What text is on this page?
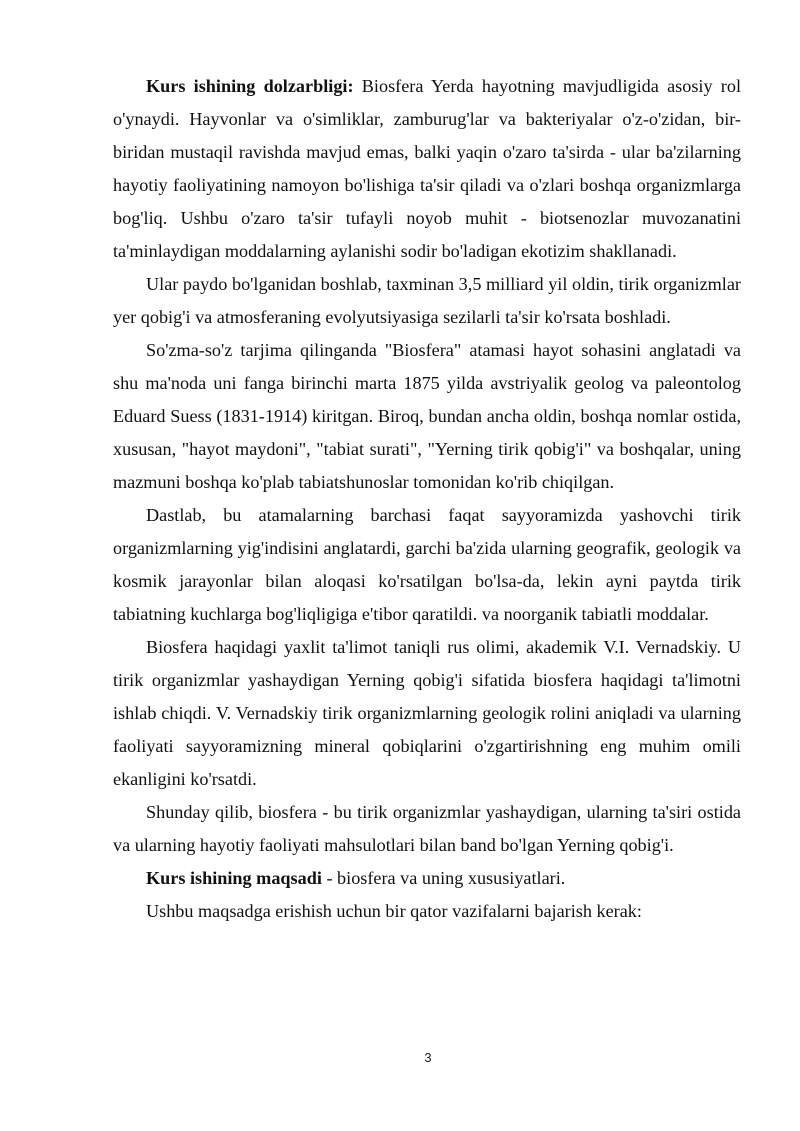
Kurs ishining dolzarbligi: Biosfera Yerda hayotning mavjudligida asosiy rol o'ynaydi. Hayvonlar va o'simliklar, zamburug'lar va bakteriyalar o'z-o'zidan, bir-biridan mustaqil ravishda mavjud emas, balki yaqin o'zaro ta'sirda - ular ba'zilarning hayotiy faoliyatining namoyon bo'lishiga ta'sir qiladi va o'zlari boshqa organizmlarga bog'liq. Ushbu o'zaro ta'sir tufayli noyob muhit - biotsenozlar muvozanatini ta'minlaydigan moddalarning aylanishi sodir bo'ladigan ekotizim shakllanadi.

Ular paydo bo'lganidan boshlab, taxminan 3,5 milliard yil oldin, tirik organizmlar yer qobig'i va atmosferaning evolyutsiyasiga sezilarli ta'sir ko'rsata boshladi.

So'zma-so'z tarjima qilinganda "Biosfera" atamasi hayot sohasini anglatadi va shu ma'noda uni fanga birinchi marta 1875 yilda avstriyalik geolog va paleontolog Eduard Suess (1831-1914) kiritgan. Biroq, bundan ancha oldin, boshqa nomlar ostida, xususan, "hayot maydoni", "tabiat surati", "Yerning tirik qobig'i" va boshqalar, uning mazmuni boshqa ko'plab tabiatshunoslar tomonidan ko'rib chiqilgan.

Dastlab, bu atamalarning barchasi faqat sayyoramizda yashovchi tirik organizmlarning yig'indisini anglatardi, garchi ba'zida ularning geografik, geologik va kosmik jarayonlar bilan aloqasi ko'rsatilgan bo'lsa-da, lekin ayni paytda tirik tabiatning kuchlarga bog'liqligiga e'tibor qaratildi. va noorganik tabiatli moddalar.

Biosfera haqidagi yaxlit ta'limot taniqli rus olimi, akademik V.I. Vernadskiy. U tirik organizmlar yashaydigan Yerning qobig'i sifatida biosfera haqidagi ta'limotni ishlab chiqdi. V. Vernadskiy tirik organizmlarning geologik rolini aniqladi va ularning faoliyati sayyoramizning mineral qobiqlarini o'zgartirishning eng muhim omili ekanligini ko'rsatdi.

Shunday qilib, biosfera - bu tirik organizmlar yashaydigan, ularning ta'siri ostida va ularning hayotiy faoliyati mahsulotlari bilan band bo'lgan Yerning qobig'i.

Kurs ishining maqsadi - biosfera va uning xususiyatlari.

Ushbu maqsadga erishish uchun bir qator vazifalarni bajarish kerak:

3
